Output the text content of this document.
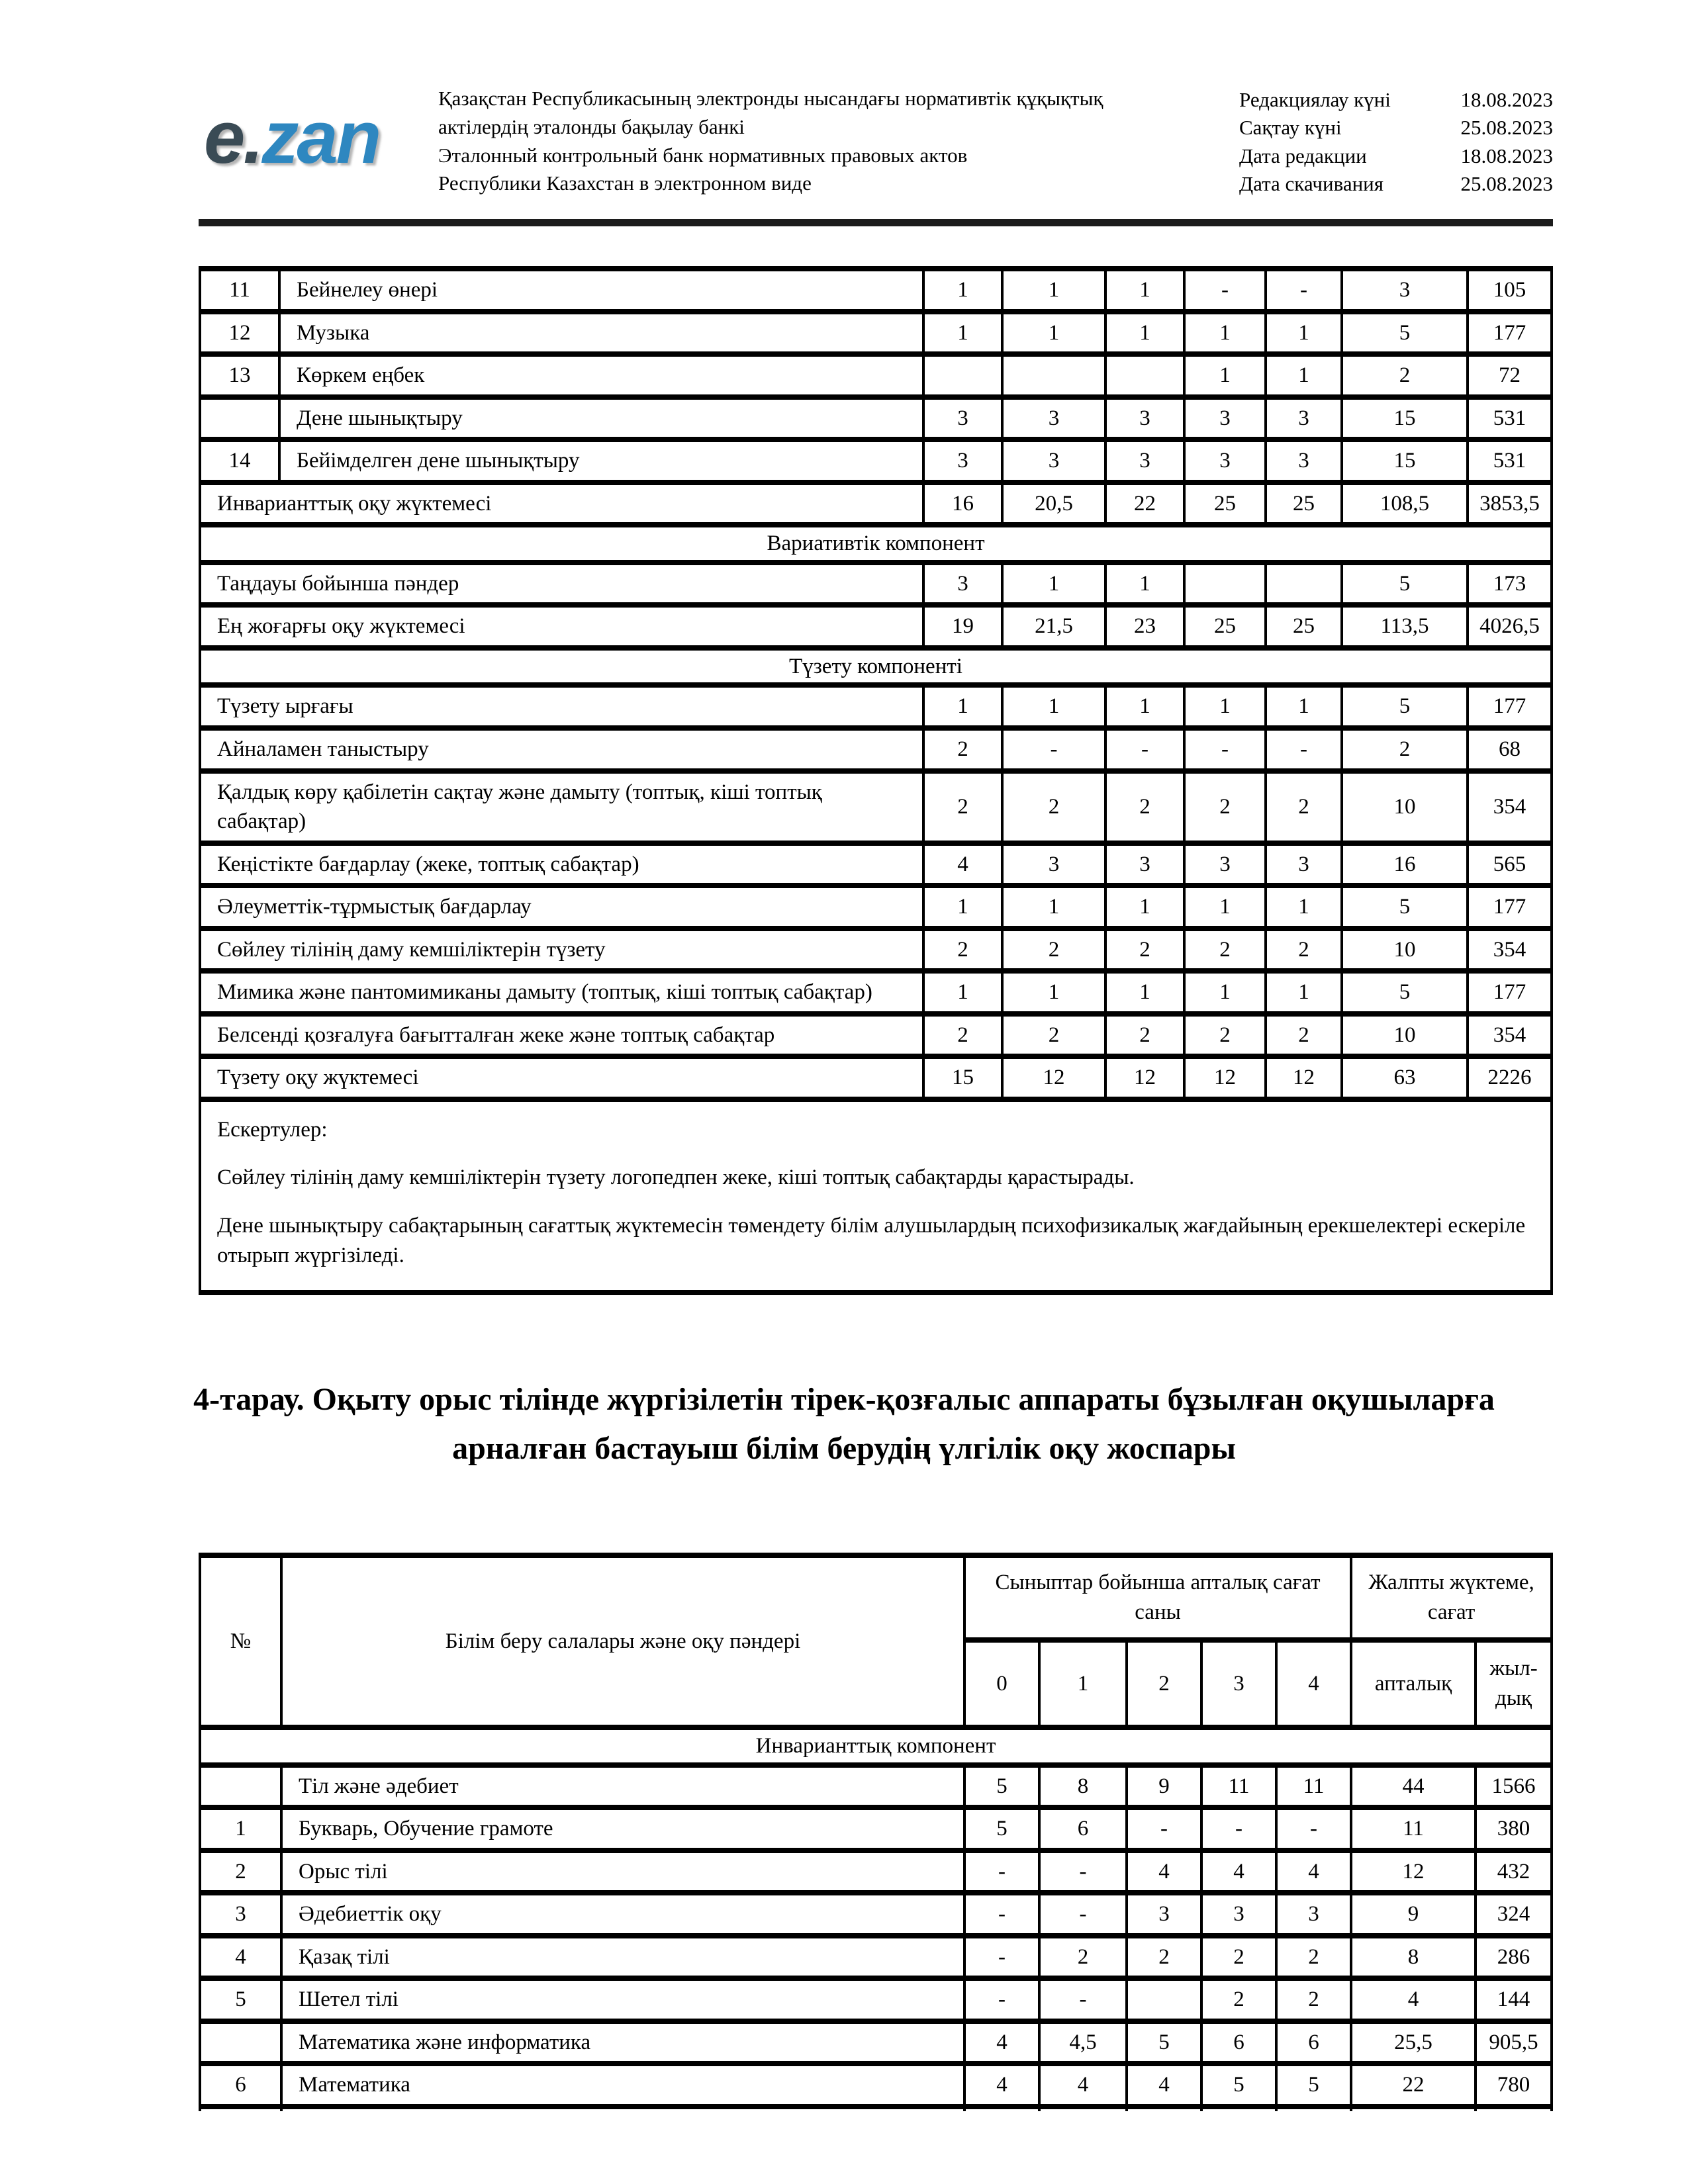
e.zan	Қазақстан Республикасының электронды нысандағы нормативтік құқықтық
актілердің эталонды бақылау банкі
Эталонный контрольный банк нормативных правовых актов
Республики Казахстан в электронном виде
Редакциялау күні	18.08.2023
Сақтау күні	25.08.2023
Дата редакции	18.08.2023
Дата скачивания	25.08.2023
11	Бейнелеу өнері	1	1	1	-	-	3	105
12	Музыка	1	1	1	1	1	5	177
13	Көркем еңбек				1	1	2	72
	Дене шынықтыру	3	3	3	3	3	15	531
14	Бейімделген дене шынықтыру	3	3	3	3	3	15	531
Инварианттық оқу жүктемесі		16	20,5	22	25	25	108,5	3853,5
Вариативтік компонент								
Таңдауы бойынша пәндер		3	1	1			5	173
Ең жоғарғы оқу жүктемесі		19	21,5	23	25	25	113,5	4026,5
Түзету компоненті								
Түзету ырғағы		1	1	1	1	1	5	177
Айналамен таныстыру		2	-	-	-	-	2	68
Қалдық көру қабілетін сақтау және дамыту (топтық, кіші топтық сабақтар)		2	2	2	2	2	10	354
Кеңістікте бағдарлау (жеке, топтық сабақтар)		4	3	3	3	3	16	565
Әлеуметтік-тұрмыстық бағдарлау		1	1	1	1	1	5	177
Сөйлеу тілінің даму кемшіліктерін түзету		2	2	2	2	2	10	354
Мимика және пантомимиканы дамыту (топтық, кіші топтық сабақтар)		1	1	1	1	1	5	177
Белсенді қозғалуға бағытталған жеке және топтық сабақтар		2	2	2	2	2	10	354
Түзету оқу жүктемесі		15	12	12	12	12	63	2226

Ескертулер:
Сөйлеу тілінің даму кемшіліктерін түзету логопедпен жеке, кіші топтық сабақтарды қарастырады.
Дене шынықтыру сабақтарының сағаттық жүктемесін төмендету білім алушылардың психофизикалық жағдайының ерекшелектері ескеріле отырып жүргізіледі.								
4-тарау. Оқыту орыс тілінде жүргізілетін тірек-қозғалыс аппараты бұзылған оқушыларға арналған бастауыш білім берудің үлгілік оқу жоспары
№	Білім беру салалары және оқу пәндері	Сыныптар бойынша апталық сағат саны					Жалпты жүктеме, сағат	
		0	1	2	3	4	апталық	жыл-дық
Инварианттық компонент								
	Тіл және әдебиет	5	8	9	11	11	44	1566
1	Букварь, Обучение грамоте	5	6	-	-	-	11	380
2	Орыс тілі	-	-	4	4	4	12	432
3	Әдебиеттік оқу	-	-	3	3	3	9	324
4	Қазақ тілі	-	2	2	2	2	8	286
5	Шетел тілі	-	-		2	2	4	144
	Математика және информатика	4	4,5	5	6	6	25,5	905,5
6	Математика	4	4	4	5	5	22	780
